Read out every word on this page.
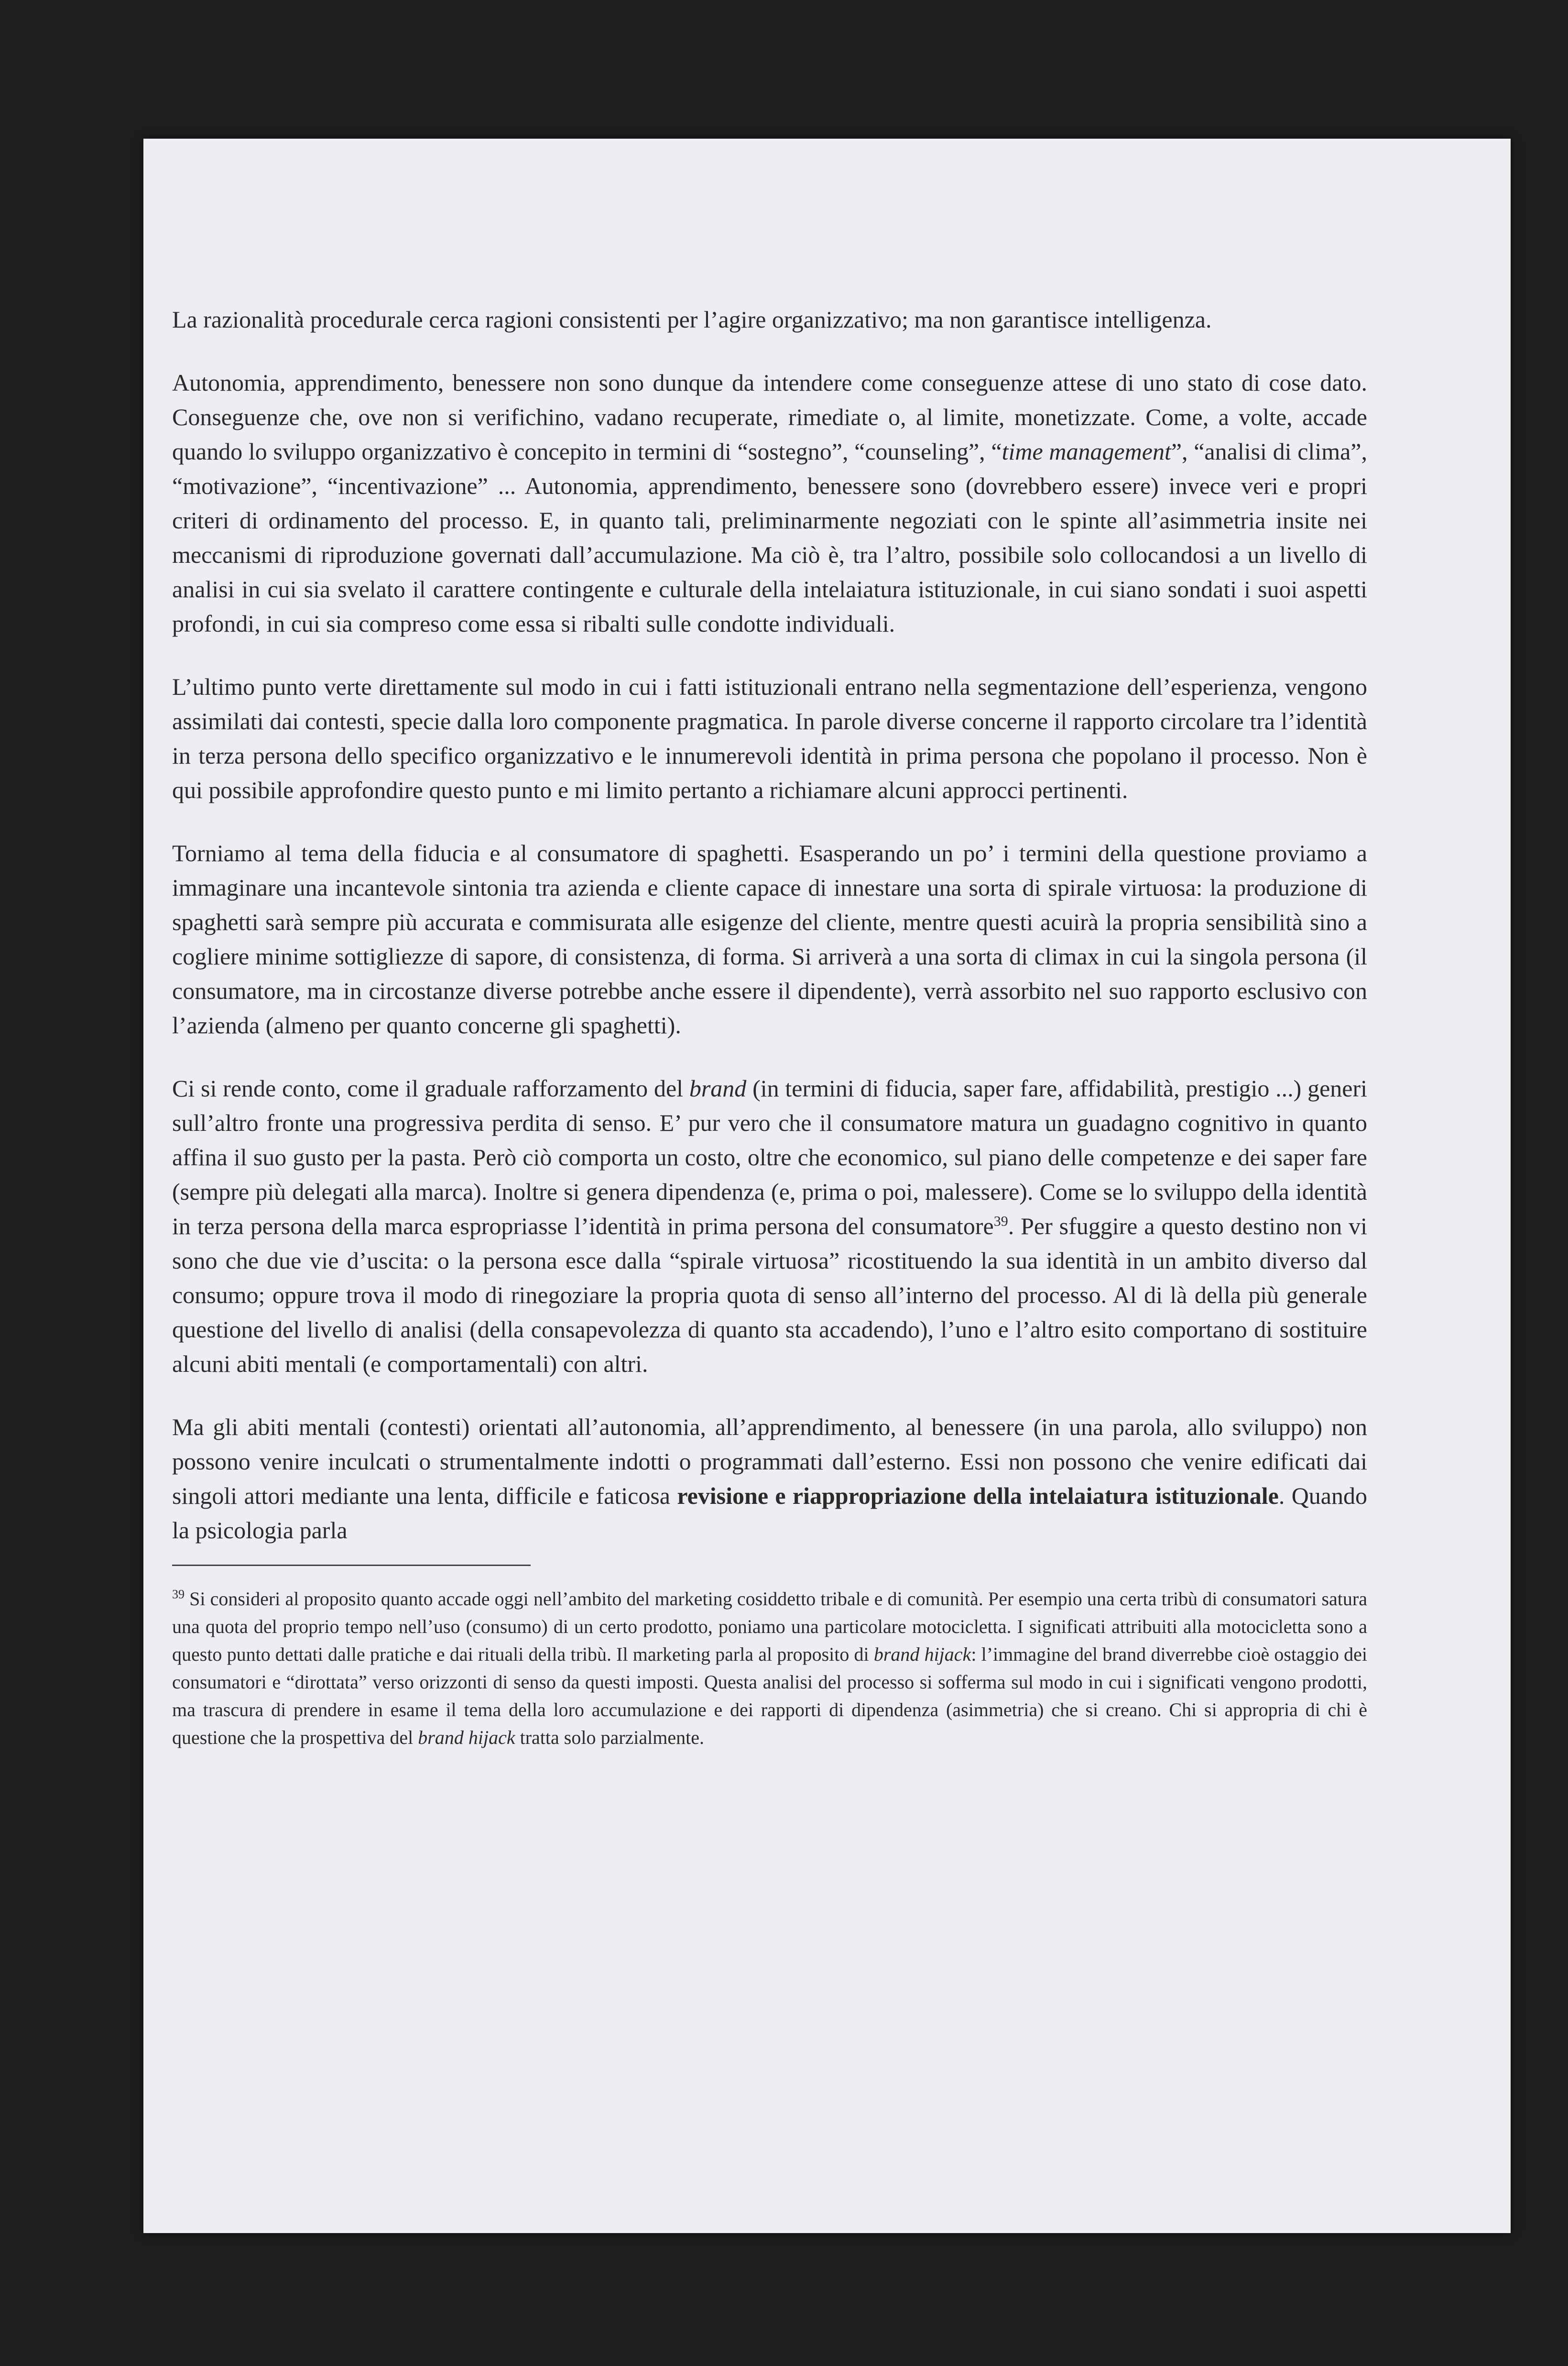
La razionalità procedurale cerca ragioni consistenti per l’agire organizzativo; ma non garantisce intelligenza.

Autonomia, apprendimento, benessere non sono dunque da intendere come conseguenze attese di uno stato di cose dato. Conseguenze che, ove non si verifichino, vadano recuperate, rimediate o, al limite, monetizzate. Come, a volte, accade quando lo sviluppo organizzativo è concepito in termini di “sostegno”, “counseling”, “time management”, “analisi di clima”, “motivazione”, “incentivazione” ... Autonomia, apprendimento, benessere sono (dovrebbero essere) invece veri e propri criteri di ordinamento del processo. E, in quanto tali, preliminarmente negoziati con le spinte all’asimmetria insite nei meccanismi di riproduzione governati dall’accumulazione. Ma ciò è, tra l’altro, possibile solo collocandosi a un livello di analisi in cui sia svelato il carattere contingente e culturale della intelaiatura istituzionale, in cui siano sondati i suoi aspetti profondi, in cui sia compreso come essa si ribalti sulle condotte individuali.

L’ultimo punto verte direttamente sul modo in cui i fatti istituzionali entrano nella segmentazione dell’esperienza, vengono assimilati dai contesti, specie dalla loro componente pragmatica. In parole diverse concerne il rapporto circolare tra l’identità in terza persona dello specifico organizzativo e le innumerevoli identità in prima persona che popolano il processo. Non è qui possibile approfondire questo punto e mi limito pertanto a richiamare alcuni approcci pertinenti.

Torniamo al tema della fiducia e al consumatore di spaghetti. Esasperando un po’ i termini della questione proviamo a immaginare una incantevole sintonia tra azienda e cliente capace di innestare una sorta di spirale virtuosa: la produzione di spaghetti sarà sempre più accurata e commisurata alle esigenze del cliente, mentre questi acuirà la propria sensibilità sino a cogliere minime sottigliezze di sapore, di consistenza, di forma. Si arriverà a una sorta di climax in cui la singola persona (il consumatore, ma in circostanze diverse potrebbe anche essere il dipendente), verrà assorbito nel suo rapporto esclusivo con l’azienda (almeno per quanto concerne gli spaghetti).

Ci si rende conto, come il graduale rafforzamento del brand (in termini di fiducia, saper fare, affidabilità, prestigio ...) generi sull’altro fronte una progressiva perdita di senso. E’ pur vero che il consumatore matura un guadagno cognitivo in quanto affina il suo gusto per la pasta. Però ciò comporta un costo, oltre che economico, sul piano delle competenze e dei saper fare (sempre più delegati alla marca). Inoltre si genera dipendenza (e, prima o poi, malessere). Come se lo sviluppo della identità in terza persona della marca espropriasse l’identità in prima persona del consumatore$^{39}$. Per sfuggire a questo destino non vi sono che due vie d’uscita: o la persona esce dalla “spirale virtuosa” ricostituendo la sua identità in un ambito diverso dal consumo; oppure trova il modo di rinegoziare la propria quota di senso all’interno del processo. Al di là della più generale questione del livello di analisi (della consapevolezza di quanto sta accadendo), l’uno e l’altro esito comportano di sostituire alcuni abiti mentali (e comportamentali) con altri.

Ma gli abiti mentali (contesti) orientati all’autonomia, all’apprendimento, al benessere (in una parola, allo sviluppo) non possono venire inculcati o strumentalmente indotti o programmati dall’esterno. Essi non possono che venire edificati dai singoli attori mediante una lenta, difficile e faticosa revisione e riappropriazione della intelaiatura istituzionale. Quando la psicologia parla

$^{39}$ Si consideri al proposito quanto accade oggi nell’ambito del marketing cosiddetto tribale e di comunità. Per esempio una certa tribù di consumatori satura una quota del proprio tempo nell’uso (consumo) di un certo prodotto, poniamo una particolare motocicletta. I significati attribuiti alla motocicletta sono a questo punto dettati dalle pratiche e dai rituali della tribù. Il marketing parla al proposito di brand hijack: l’immagine del brand diverrebbe cioè ostaggio dei consumatori e “dirottata” verso orizzonti di senso da questi imposti. Questa analisi del processo si sofferma sul modo in cui i significati vengono prodotti, ma trascura di prendere in esame il tema della loro accumulazione e dei rapporti di dipendenza (asimmetria) che si creano. Chi si appropria di chi è questione che la prospettiva del brand hijack tratta solo parzialmente.
